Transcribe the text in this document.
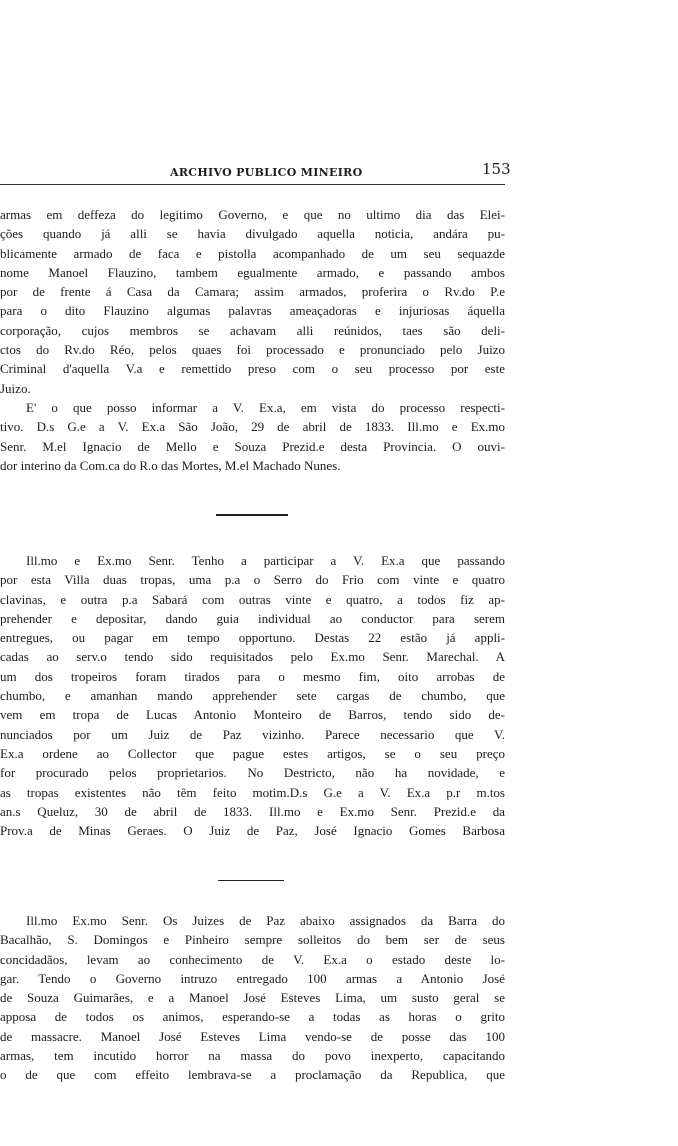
ARCHIVO PUBLICO MINEIRO	153

armas em deffeza do legitimo Governo, e que no ultimo dia das Elei-
ções quando já alli se havia divulgado aquella noticia, andára pu-
blicamente armado de faca e pistolla acompanhado de um seu sequazde
nome Manoel Flauzino, tambem egualmente armado, e passando ambos
por de frente á Casa da Camara; assim armados, proferira o Rv.do P.e
para o dito Flauzino algumas palavras ameaçadoras e injuriosas áquella
corporação, cujos membros se achavam alli reúnidos, taes são deli-
ctos do Rv.do Réo, pelos quaes foi processado e pronunciado pelo Juizo
Criminal d'aquella V.a e remettido preso com o seu processo por este
Juizo.

E' o que posso informar a V. Ex.a, em vista do processo respecti-
tivo. D.s G.e a V. Ex.a São João, 29 de abril de 1833. Ill.mo e Ex.mo
Senr. M.el Ignacio de Mello e Souza Prezid.e desta Provincia. O ouvi-
dor interino da Com.ca do R.o das Mortes, M.el Machado Nunes.

Ill.mo e Ex.mo Senr. Tenho a participar a V. Ex.a que passando
por esta Villa duas tropas, uma p.a o Serro do Frio com vinte e quatro
clavinas, e outra p.a Sabará com outras vinte e quatro, a todos fiz ap-
prehender e depositar, dando guia individual ao conductor para serem
entregues, ou pagar em tempo opportuno. Destas 22 estão já appli-
cadas ao serv.o tendo sido requisitados pelo Ex.mo Senr. Marechal. A
um dos tropeiros foram tirados para o mesmo fim, oito arrobas de
chumbo, e amanhan mando apprehender sete cargas de chumbo, que
vem em tropa de Lucas Antonio Monteiro de Barros, tendo sido de-
nunciados por um Juiz de Paz vizinho. Parece necessario que V.
Ex.a ordene ao Collector que pague estes artigos, se o seu preço
for procurado pelos proprietarios. No Destricto, não ha novidade, e
as tropas existentes não têm feito motim.D.s G.e a V. Ex.a p.r m.tos
an.s Queluz, 30 de abril de 1833. Ill.mo e Ex.mo Senr. Prezid.e da
Prov.a de Minas Geraes. O Juiz de Paz, José Ignacio Gomes Barbosa

Ill.mo Ex.mo Senr. Os Juizes de Paz abaixo assignados da Barra do
Bacalhão, S. Domingos e Pinheiro sempre solleitos do bem ser de seus
concidadãos, levam ao conhecimento de V. Ex.a o estado deste lo-
gar. Tendo o Governo intruzo entregado 100 armas a Antonio José
de Souza Guimarães, e a Manoel José Esteves Lima, um susto geral se
apposa de todos os animos, esperando-se a todas as horas o grito
de massacre. Manoel José Esteves Lima vendo-se de posse das 100
armas, tem incutido horror na massa do povo inexperto, capacitando
o de que com effeito lembrava-se a proclamação da Republica, que
